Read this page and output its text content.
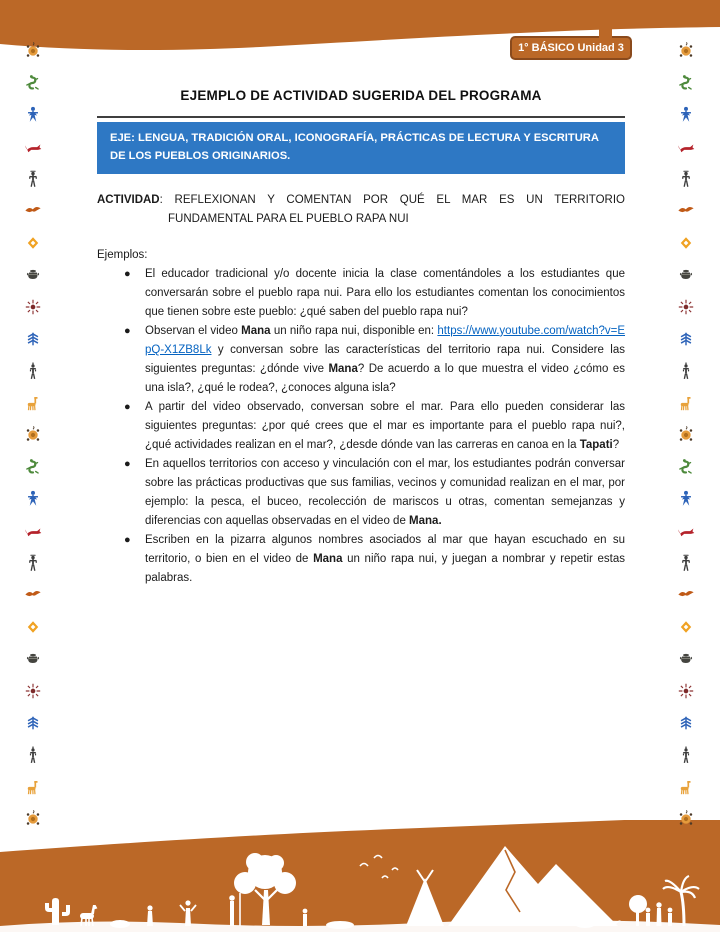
1° BÁSICO Unidad 3
EJEMPLO DE ACTIVIDAD SUGERIDA DEL PROGRAMA
EJE: LENGUA, TRADICIÓN ORAL, ICONOGRAFÍA, PRÁCTICAS DE LECTURA Y ESCRITURA DE LOS PUEBLOS ORIGINARIOS.
ACTIVIDAD: REFLEXIONAN Y COMENTAN POR QUÉ EL MAR ES UN TERRITORIO FUNDAMENTAL PARA EL PUEBLO RAPA NUI
Ejemplos:
● El educador tradicional y/o docente inicia la clase comentándoles a los estudiantes que conversarán sobre el pueblo rapa nui. Para ello los estudiantes comentan los conocimientos que tienen sobre este pueblo: ¿qué saben del pueblo rapa nui?
● Observan el video Mana un niño rapa nui, disponible en: https://www.youtube.com/watch?v=EpQ-X1ZB8Lk y conversan sobre las características del territorio rapa nui. Considere las siguientes preguntas: ¿dónde vive Mana? De acuerdo a lo que muestra el video ¿cómo es una isla?, ¿qué le rodea?, ¿conoces alguna isla?
● A partir del video observado, conversan sobre el mar. Para ello pueden considerar las siguientes preguntas: ¿por qué crees que el mar es importante para el pueblo rapa nui?, ¿qué actividades realizan en el mar?, ¿desde dónde van las carreras en canoa en la Tapati?
● En aquellos territorios con acceso y vinculación con el mar, los estudiantes podrán conversar sobre las prácticas productivas que sus familias, vecinos y comunidad realizan en el mar, por ejemplo: la pesca, el buceo, recolección de mariscos u otras, comentan semejanzas y diferencias con aquellas observadas en el video de Mana.
● Escriben en la pizarra algunos nombres asociados al mar que hayan escuchado en su territorio, o bien en el video de Mana un niño rapa nui, y juegan a nombrar y repetir estas palabras.
